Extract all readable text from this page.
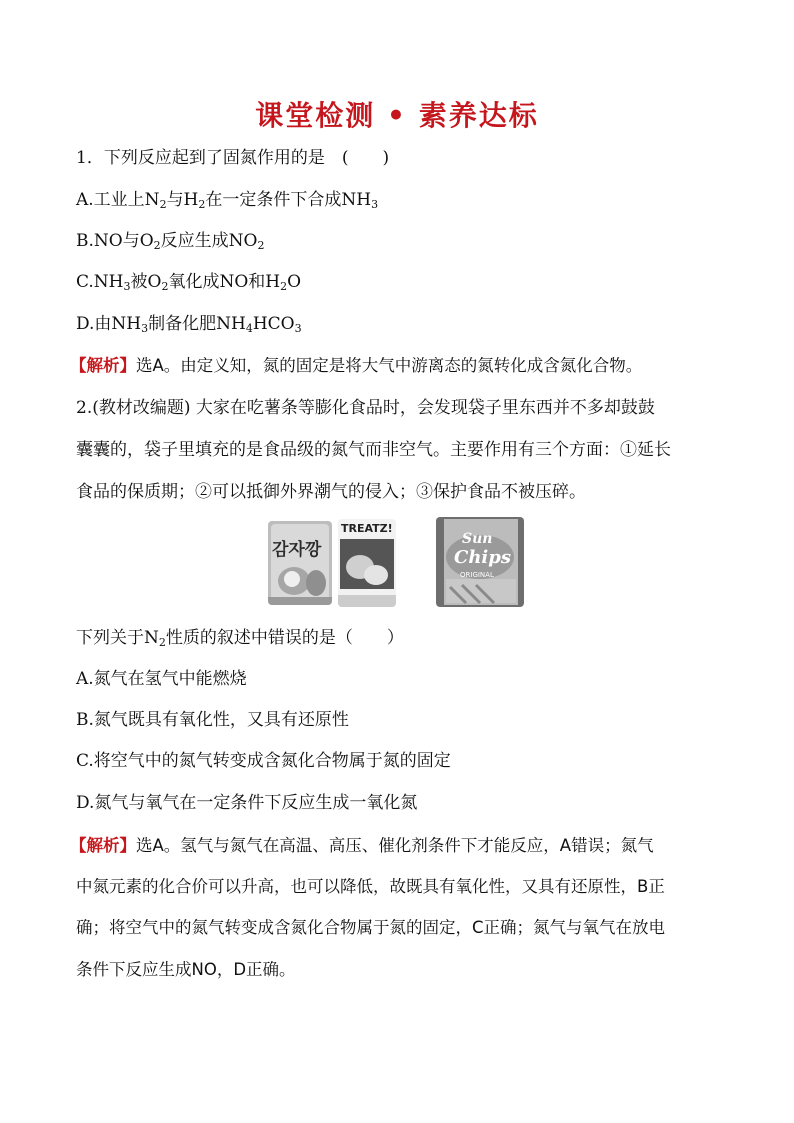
课堂检测 • 素养达标
1．下列反应起到了固氮作用的是　(　　)
A.工业上$N_2$与$H_2$在一定条件下合成$NH_3$
B.NO与$O_2$反应生成$NO_2$
$C.NH_3$被$O_2$氧化成NO和$H_2O$
D.由$NH_3$制备化肥$NH_4HCO_3$
【解析】选A。由定义知，氮的固定是将大气中游离态的氮转化成含氮化合物。
2.(教材改编题) 大家在吃薯条等膨化食品时，会发现袋子里东西并不多却鼓鼓
囊囊的，袋子里填充的是食品级的氮气而非空气。主要作用有三个方面：①延长
食品的保质期；②可以抵御外界潮气的侵入；③保护食品不被压碎。
감자깡
TREATZ!
Sun
Chips
ORIGINAL
下列关于$N_2$性质的叙述中错误的是（　　）
A.氮气在氢气中能燃烧
B.氮气既具有氧化性，又具有还原性
C.将空气中的氮气转变成含氮化合物属于氮的固定
D.氮气与氧气在一定条件下反应生成一氧化氮
【解析】选A。氢气与氮气在高温、高压、催化剂条件下才能反应，A错误；氮气
中氮元素的化合价可以升高，也可以降低，故既具有氧化性，又具有还原性，B正
确；将空气中的氮气转变成含氮化合物属于氮的固定，C正确；氮气与氧气在放电
条件下反应生成NO，D正确。
